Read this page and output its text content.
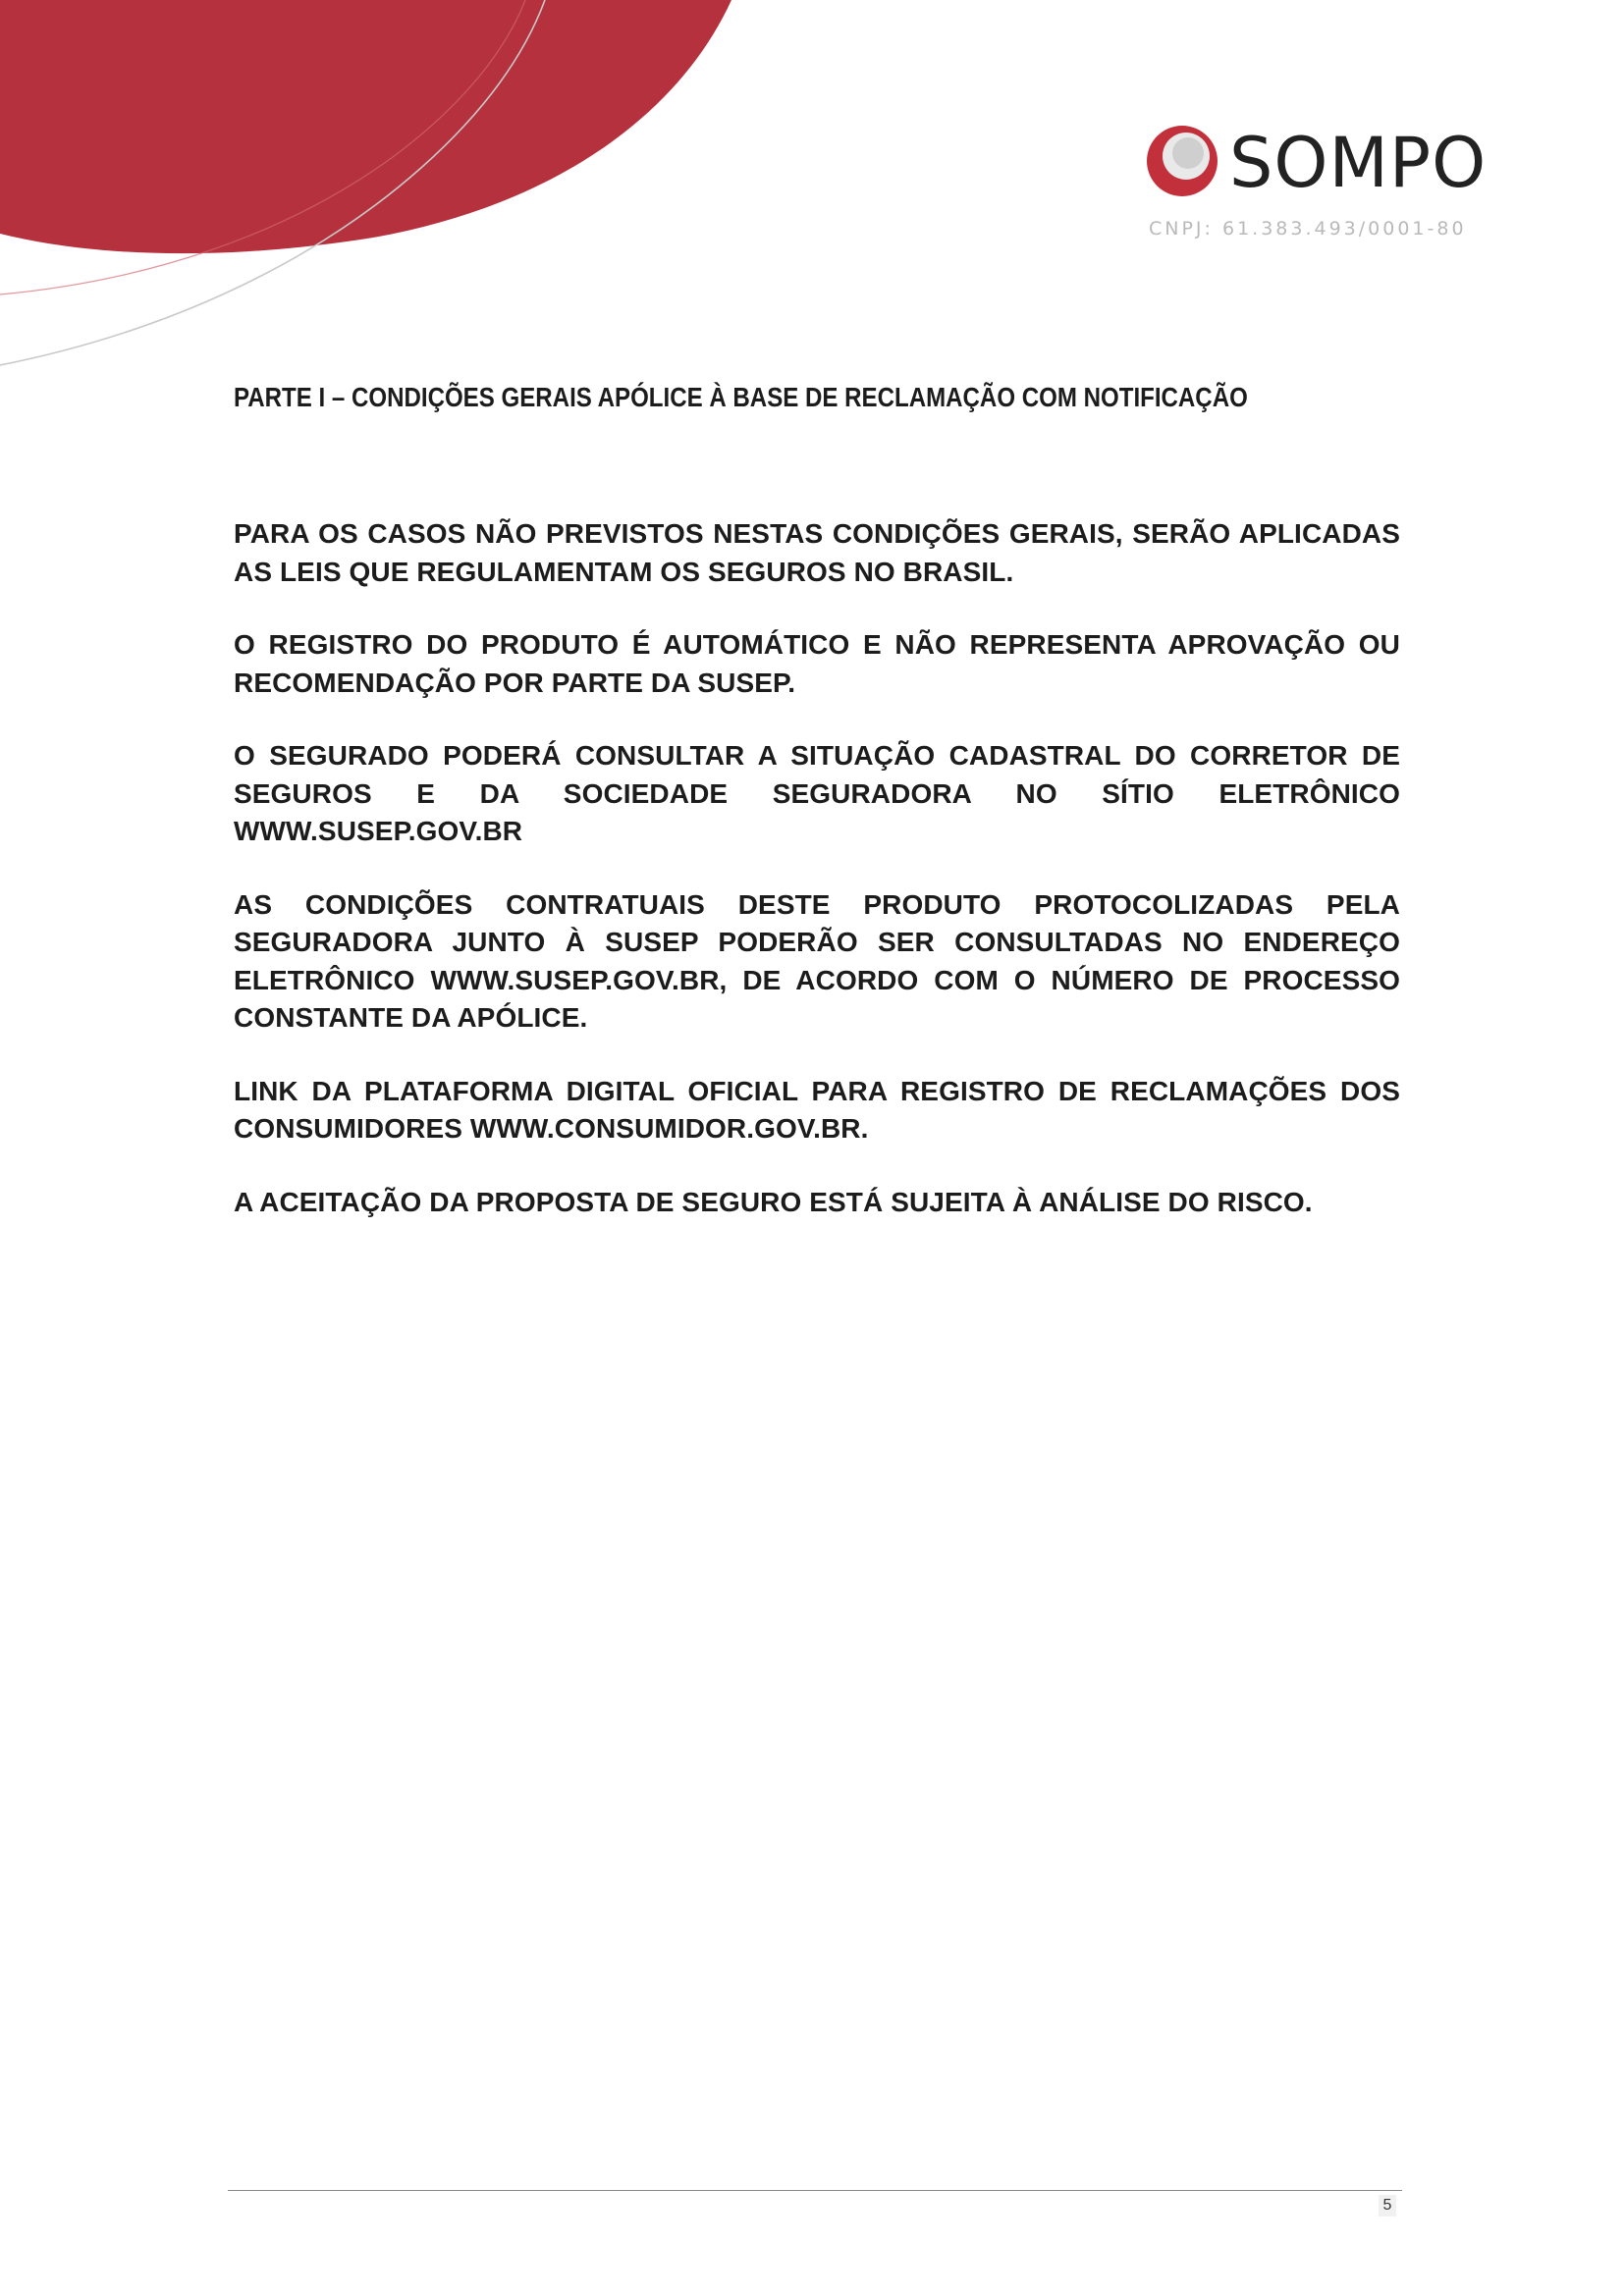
SOMPO
CNPJ: 61.383.493/0001-80
PARTE I – CONDIÇÕES GERAIS APÓLICE À BASE DE RECLAMAÇÃO COM NOTIFICAÇÃO

PARA OS CASOS NÃO PREVISTOS NESTAS CONDIÇÕES GERAIS, SERÃO APLICADAS AS LEIS QUE REGULAMENTAM OS SEGUROS NO BRASIL.

O REGISTRO DO PRODUTO É AUTOMÁTICO E NÃO REPRESENTA APROVAÇÃO OU RECOMENDAÇÃO POR PARTE DA SUSEP.

O SEGURADO PODERÁ CONSULTAR A SITUAÇÃO CADASTRAL DO CORRETOR DE SEGUROS E DA SOCIEDADE SEGURADORA NO SÍTIO ELETRÔNICO WWW.SUSEP.GOV.BR

AS CONDIÇÕES CONTRATUAIS DESTE PRODUTO PROTOCOLIZADAS PELA SEGURADORA JUNTO À SUSEP PODERÃO SER CONSULTADAS NO ENDEREÇO ELETRÔNICO WWW.SUSEP.GOV.BR, DE ACORDO COM O NÚMERO DE PROCESSO CONSTANTE DA APÓLICE.

LINK DA PLATAFORMA DIGITAL OFICIAL PARA REGISTRO DE RECLAMAÇÕES DOS CONSUMIDORES WWW.CONSUMIDOR.GOV.BR.

A ACEITAÇÃO DA PROPOSTA DE SEGURO ESTÁ SUJEITA À ANÁLISE DO RISCO.

5
